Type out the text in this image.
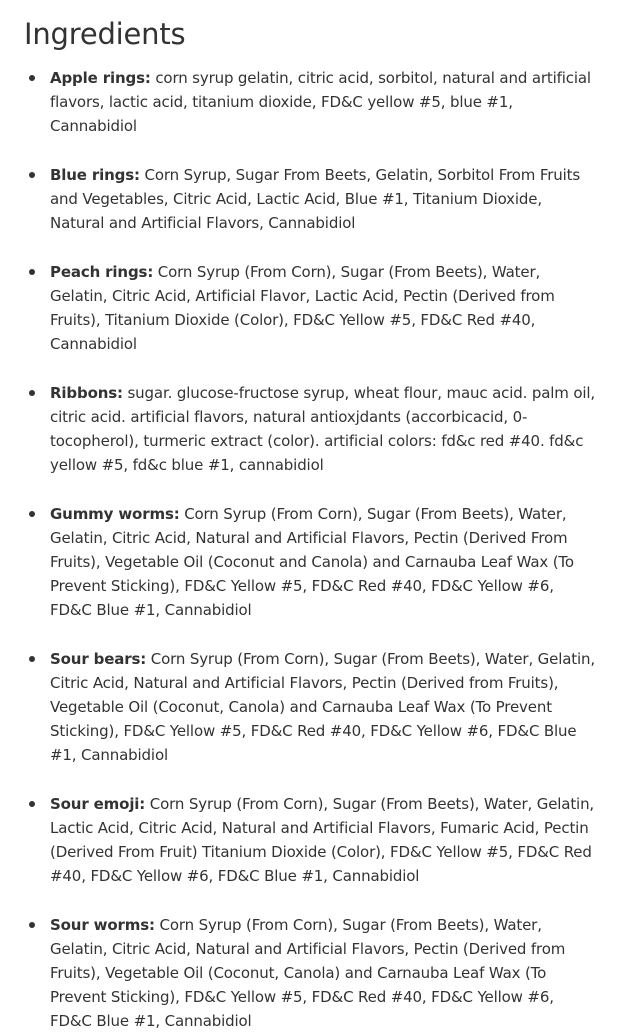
Ingredients
Apple rings: corn syrup gelatin, citric acid, sorbitol, natural and artificial flavors, lactic acid, titanium dioxide, FD&C yellow #5, blue #1, Cannabidiol
Blue rings: Corn Syrup, Sugar From Beets, Gelatin, Sorbitol From Fruits and Vegetables, Citric Acid, Lactic Acid, Blue #1, Titanium Dioxide, Natural and Artificial Flavors, Cannabidiol
Peach rings: Corn Syrup (From Corn), Sugar (From Beets), Water, Gelatin, Citric Acid, Artificial Flavor, Lactic Acid, Pectin (Derived from Fruits), Titanium Dioxide (Color), FD&C Yellow #5, FD&C Red #40, Cannabidiol
Ribbons: sugar. glucose-fructose syrup, wheat flour, mauc acid. palm oil, citric acid. artificial flavors, natural antioxjdants (accorbicacid, 0-tocopherol), turmeric extract (color). artificial colors: fd&c red #40. fd&c yellow #5, fd&c blue #1, cannabidiol
Gummy worms: Corn Syrup (From Corn), Sugar (From Beets), Water, Gelatin, Citric Acid, Natural and Artificial Flavors, Pectin (Derived From Fruits), Vegetable Oil (Coconut and Canola) and Carnauba Leaf Wax (To Prevent Sticking), FD&C Yellow #5, FD&C Red #40, FD&C Yellow #6, FD&C Blue #1, Cannabidiol
Sour bears: Corn Syrup (From Corn), Sugar (From Beets), Water, Gelatin, Citric Acid, Natural and Artificial Flavors, Pectin (Derived from Fruits), Vegetable Oil (Coconut, Canola) and Carnauba Leaf Wax (To Prevent Sticking), FD&C Yellow #5, FD&C Red #40, FD&C Yellow #6, FD&C Blue #1, Cannabidiol
Sour emoji: Corn Syrup (From Corn), Sugar (From Beets), Water, Gelatin, Lactic Acid, Citric Acid, Natural and Artificial Flavors, Fumaric Acid, Pectin (Derived From Fruit) Titanium Dioxide (Color), FD&C Yellow #5, FD&C Red #40, FD&C Yellow #6, FD&C Blue #1, Cannabidiol
Sour worms: Corn Syrup (From Corn), Sugar (From Beets), Water, Gelatin, Citric Acid, Natural and Artificial Flavors, Pectin (Derived from Fruits), Vegetable Oil (Coconut, Canola) and Carnauba Leaf Wax (To Prevent Sticking), FD&C Yellow #5, FD&C Red #40, FD&C Yellow #6, FD&C Blue #1, Cannabidiol
